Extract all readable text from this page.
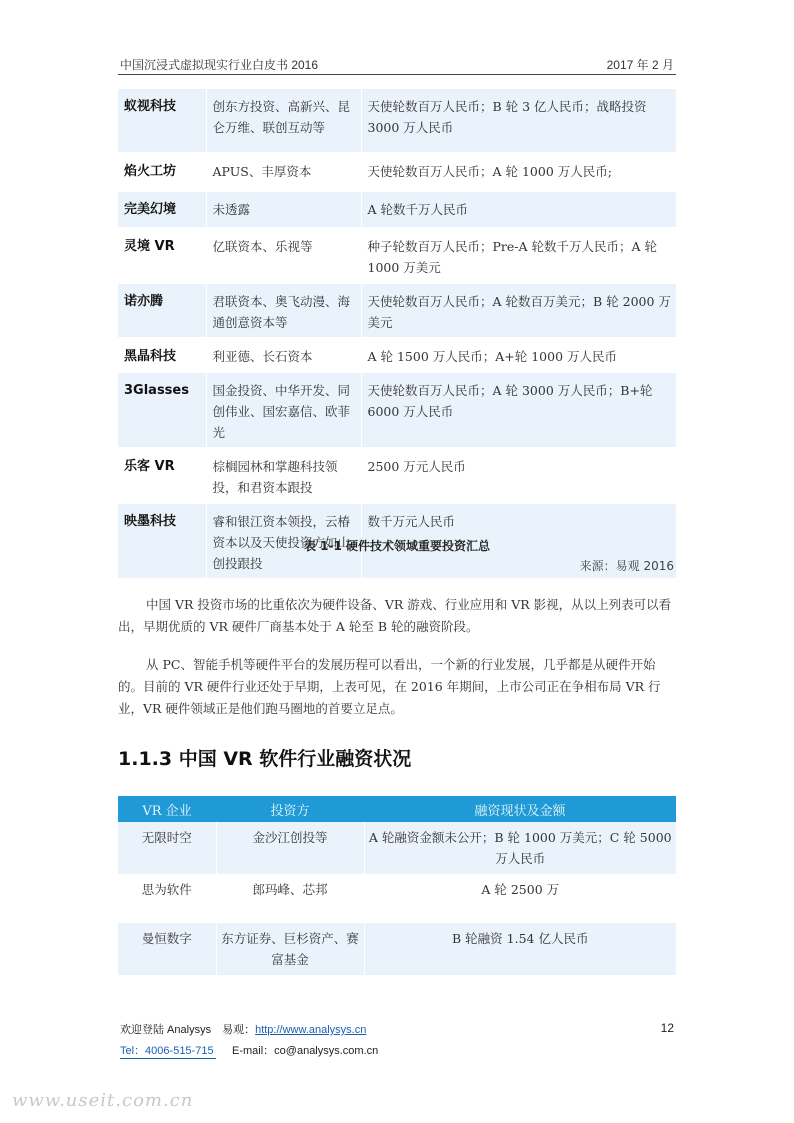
中国沉浸式虚拟现实行业白皮书 2016	2017 年 2 月
蚁视科技	创东方投资、高新兴、昆仑万维、联创互动等	天使轮数百万人民币；B 轮 3 亿人民币；战略投资 3000 万人民币
焰火工坊	APUS、丰厚资本	天使轮数百万人民币；A 轮 1000 万人民币;
完美幻境	未透露	A 轮数千万人民币
灵境 VR	亿联资本、乐视等	种子轮数百万人民币；Pre-A 轮数千万人民币；A 轮 1000 万美元
诺亦腾	君联资本、奥飞动漫、海通创意资本等	天使轮数百万人民币；A 轮数百万美元；B 轮 2000 万美元
黑晶科技	利亚德、长石资本	A 轮 1500 万人民币；A+轮 1000 万人民币
3Glasses	国金投资、中华开发、同创伟业、国宏嘉信、欧菲光	天使轮数百万人民币；A 轮 3000 万人民币；B+轮 6000 万人民币
乐客 VR	棕榈园林和掌趣科技领投，和君资本跟投	2500 万元人民币
映墨科技	睿和银江资本领投，云椿资本以及天使投资方如山创投跟投	数千万元人民币
表 1-1 硬件技术领域重要投资汇总
来源：易观 2016

中国 VR 投资市场的比重依次为硬件设备、VR 游戏、行业应用和 VR 影视，从以上列表可以看出，早期优质的 VR 硬件厂商基本处于 A 轮至 B 轮的融资阶段。

从 PC、智能手机等硬件平台的发展历程可以看出，一个新的行业发展，几乎都是从硬件开始的。目前的 VR 硬件行业还处于早期，上表可见，在 2016 年期间，上市公司正在争相布局 VR 行业，VR 硬件领域正是他们跑马圈地的首要立足点。

1.1.3 中国 VR 软件行业融资状况
VR 企业	投资方	融资现状及金额
无限时空	金沙江创投等	A 轮融资金额未公开；B 轮 1000 万美元；C 轮 5000 万人民币
思为软件	郎玛峰、芯邦	A 轮 2500 万
曼恒数字	东方证券、巨杉资产、赛富基金	B 轮融资 1.54 亿人民币
欢迎登陆 Analysys　易观：http://www.analysys.cn	12
Tel：4006-515-715 E-mail：co@analysys.com.cn
www.useit.com.cn
